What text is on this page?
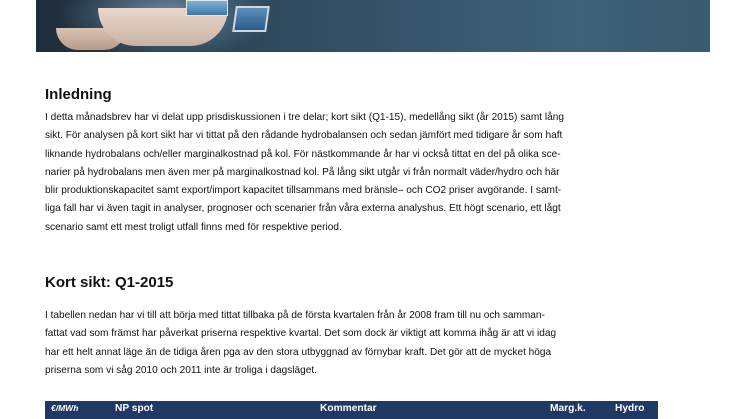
Inledning

I detta månadsbrev har vi delat upp prisdiskussionen i tre delar; kort sikt (Q1-15), medellång sikt (år 2015) samt lång
sikt. För analysen på kort sikt har vi tittat på den rådande hydrobalansen och sedan jämfört med tidigare år som haft
liknande hydrobalans och/eller marginalkostnad på kol. För nästkommande år har vi också tittat en del på olika sce-
narier på hydrobalans men även mer på marginalkostnad kol. På lång sikt utgår vi från normalt väder/hydro och här
blir produktionskapacitet samt export/import kapacitet tillsammans med bränsle– och CO2 priser avgörande. I samt-
liga fall har vi även tagit in analyser, prognoser och scenarier från våra externa analyshus. Ett högt scenario, ett lågt
scenario samt ett mest troligt utfall finns med för respektive period.

Kort sikt: Q1-2015

I tabellen nedan har vi till att börja med tittat tillbaka på de första kvartalen från år 2008 fram till nu och samman-
fattat vad som främst har påverkat priserna respektive kvartal. Det som dock är viktigt att komma ihåg är att vi idag
har ett helt annat läge än de tidiga åren pga av den stora utbyggnad av förnybar kraft. Det gör att de mycket höga
priserna som vi såg 2010 och 2011 inte är troliga i dagsläget.

€/MWh	NP spot	Kommentar	Marg.k.	Hydro
